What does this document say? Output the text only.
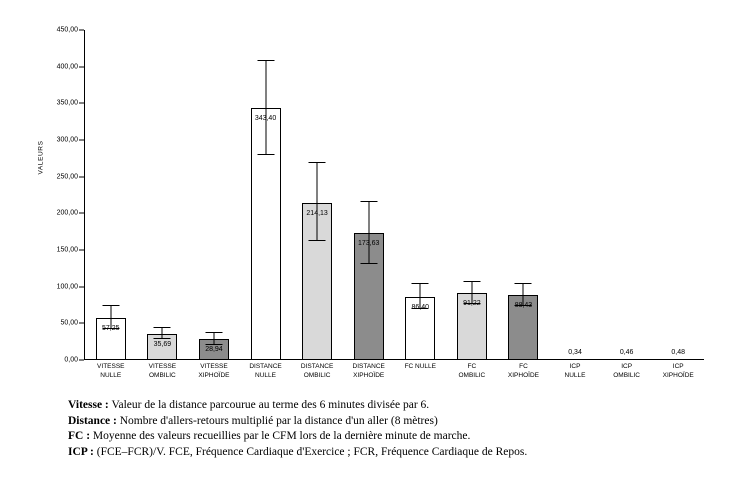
VALEURS
0,00
50,00
100,00
150,00
200,00
250,00
300,00
350,00
400,00
450,00
57,25
35,69
28,94
343,40
214,13
173,63
86,40
91,22	88,43
0,34	0,46	0,48
VITESSE
NULLE
VITESSE
OMBILIC
VITESSE
XIPHOÏDE
DISTANCE
NULLE
DISTANCE
OMBILIC
DISTANCE
XIPHOÏDE
FC NULLE	FC
OMBILIC
FC
XIPHOÏDE
ICP
NULLE
ICP
OMBILIC
ICP
XIPHOÏDE
Vitesse : Valeur de la distance parcourue au terme des 6 minutes divisée par 6.
Distance : Nombre d'allers-retours multiplié par la distance d'un aller (8 mètres)
FC : Moyenne des valeurs recueillies par le CFM lors de la dernière minute de marche.
ICP : (FCE–FCR)/V. FCE, Fréquence Cardiaque d'Exercice ; FCR, Fréquence Cardiaque de Repos.
